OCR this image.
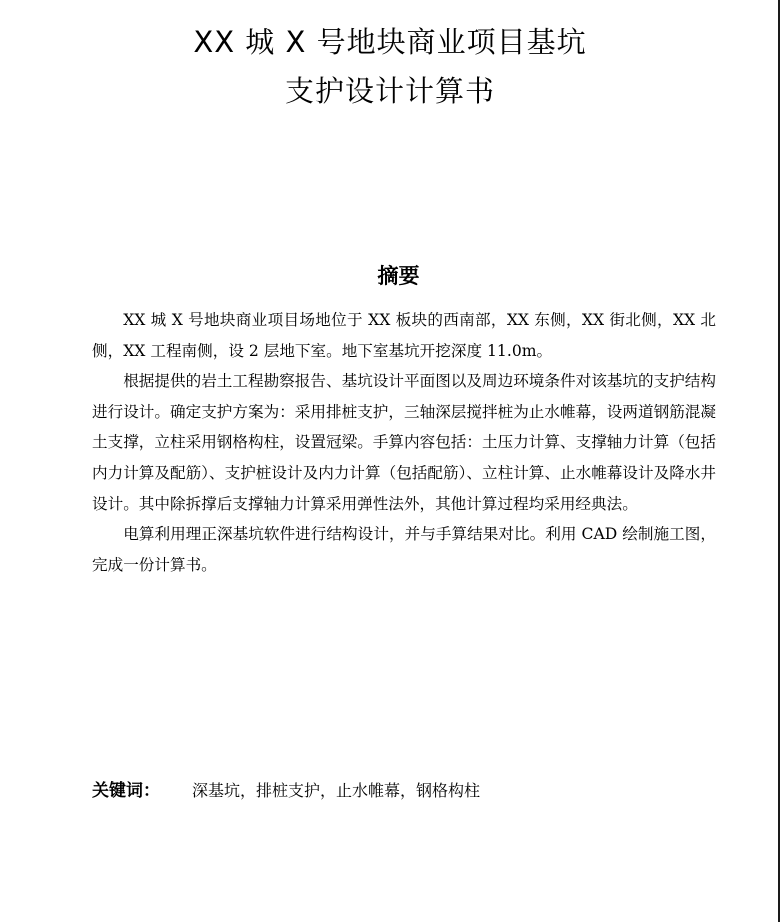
XX 城 X 号地块商业项目基坑
支护设计计算书
摘要

XX 城 X 号地块商业项目场地位于 XX 板块的西南部，XX 东侧，XX 街北侧，XX 北侧，XX 工程南侧，设 2 层地下室。地下室基坑开挖深度 11.0m。

根据提供的岩土工程勘察报告、基坑设计平面图以及周边环境条件对该基坑的支护结构进行设计。确定支护方案为：采用排桩支护，三轴深层搅拌桩为止水帷幕，设两道钢筋混凝土支撑，立柱采用钢格构柱，设置冠梁。手算内容包括：土压力计算、支撑轴力计算（包括内力计算及配筋）、支护桩设计及内力计算（包括配筋）、立柱计算、止水帷幕设计及降水井设计。其中除拆撑后支撑轴力计算采用弹性法外，其他计算过程均采用经典法。

电算利用理正深基坑软件进行结构设计，并与手算结果对比。利用 CAD 绘制施工图，完成一份计算书。

关键词： 深基坑，排桩支护，止水帷幕，钢格构柱
